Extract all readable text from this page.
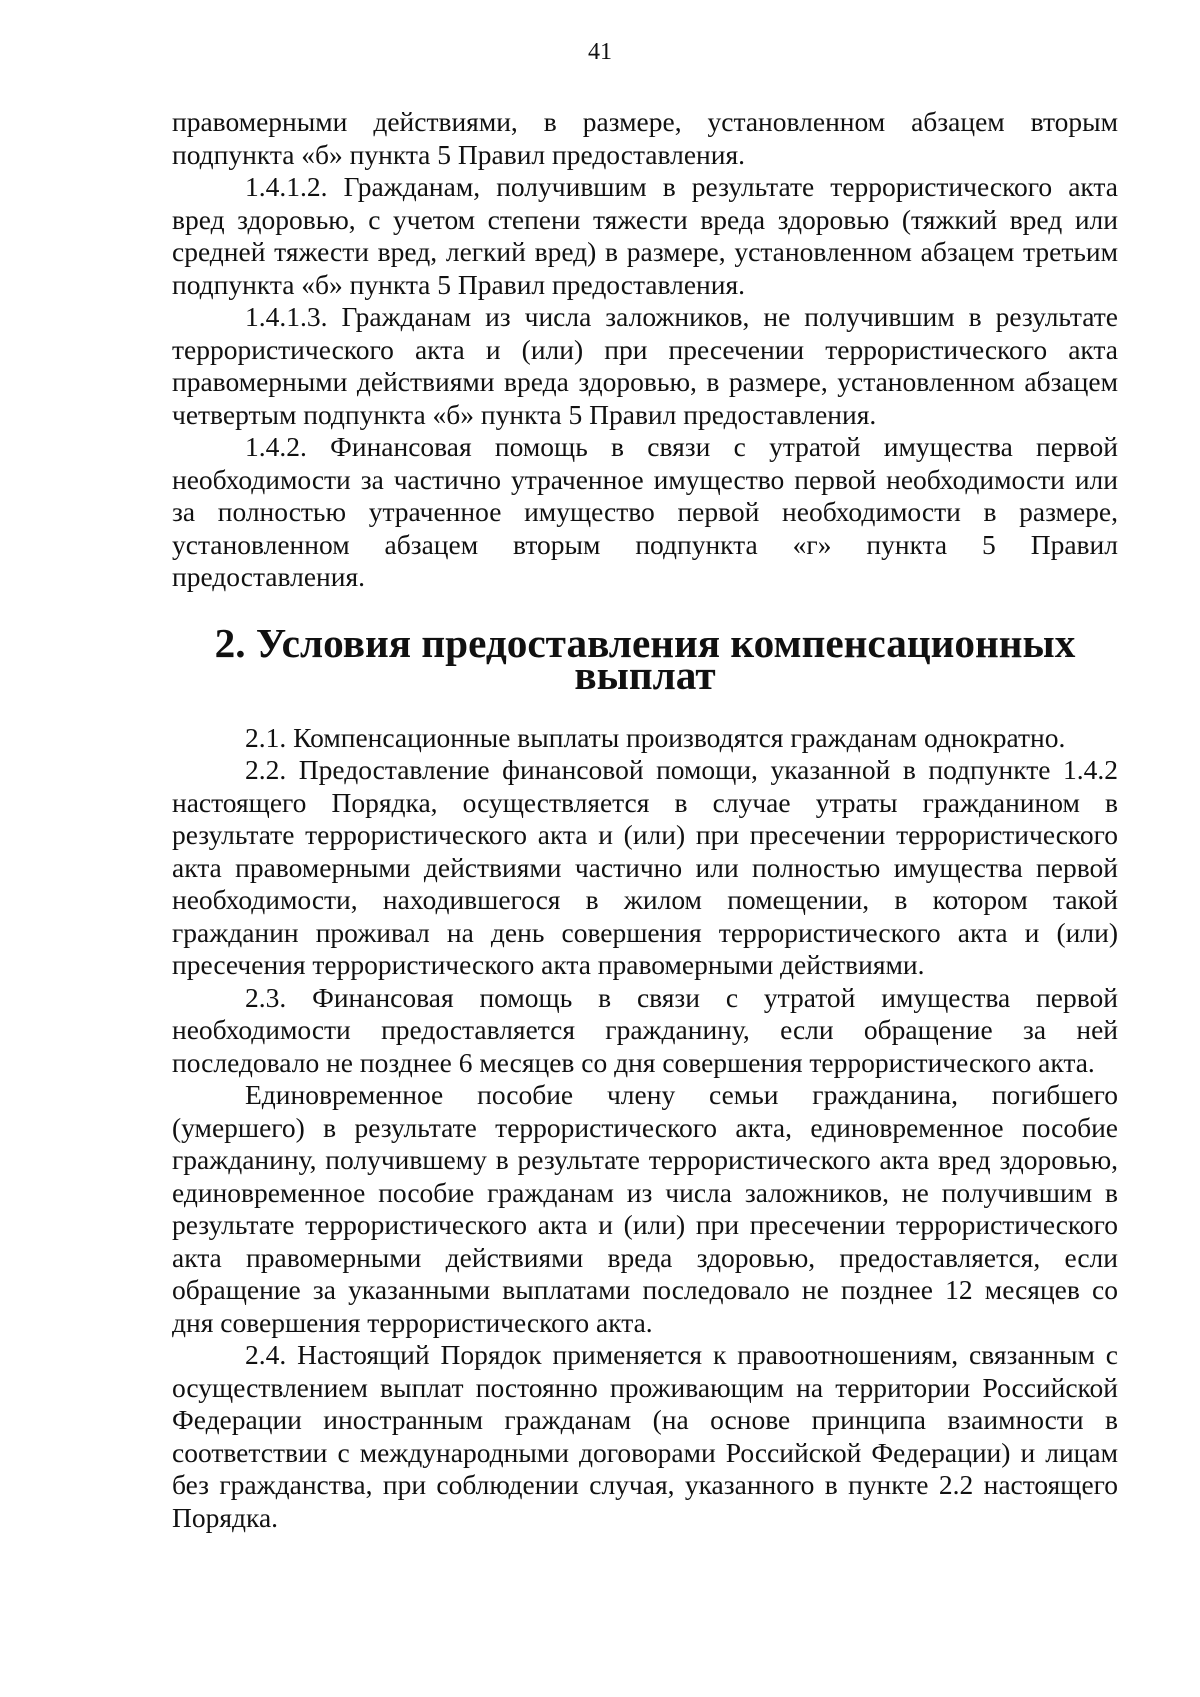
41

правомерными действиями, в размере, установленном абзацем вторым подпункта «б» пункта 5 Правил предоставления.

1.4.1.2. Гражданам, получившим в результате террористического акта вред здоровью, с учетом степени тяжести вреда здоровью (тяжкий вред или средней тяжести вред, легкий вред) в размере, установленном абзацем третьим подпункта «б» пункта 5 Правил предоставления.

1.4.1.3. Гражданам из числа заложников, не получившим в результате террористического акта и (или) при пресечении террористического акта правомерными действиями вреда здоровью, в размере, установленном абзацем четвертым подпункта «б» пункта 5 Правил предоставления.

1.4.2. Финансовая помощь в связи с утратой имущества первой необходимости за частично утраченное имущество первой необходимости или за полностью утраченное имущество первой необходимости в размере, установленном абзацем вторым подпункта «г» пункта 5 Правил предоставления.

2. Условия предоставления компенсационных выплат

2.1. Компенсационные выплаты производятся гражданам однократно.

2.2. Предоставление финансовой помощи, указанной в подпункте 1.4.2 настоящего Порядка, осуществляется в случае утраты гражданином в результате террористического акта и (или) при пресечении террористического акта правомерными действиями частично или полностью имущества первой необходимости, находившегося в жилом помещении, в котором такой гражданин проживал на день совершения террористического акта и (или) пресечения террористического акта правомерными действиями.

2.3. Финансовая помощь в связи с утратой имущества первой необходимости предоставляется гражданину, если обращение за ней последовало не позднее 6 месяцев со дня совершения террористического акта.

Единовременное пособие члену семьи гражданина, погибшего (умершего) в результате террористического акта, единовременное пособие гражданину, получившему в результате террористического акта вред здоровью, единовременное пособие гражданам из числа заложников, не получившим в результате террористического акта и (или) при пресечении террористического акта правомерными действиями вреда здоровью, предоставляется, если обращение за указанными выплатами последовало не позднее 12 месяцев со дня совершения террористического акта.

2.4. Настоящий Порядок применяется к правоотношениям, связанным с осуществлением выплат постоянно проживающим на территории Российской Федерации иностранным гражданам (на основе принципа взаимности в соответствии с международными договорами Российской Федерации) и лицам без гражданства, при соблюдении случая, указанного в пункте 2.2 настоящего Порядка.
